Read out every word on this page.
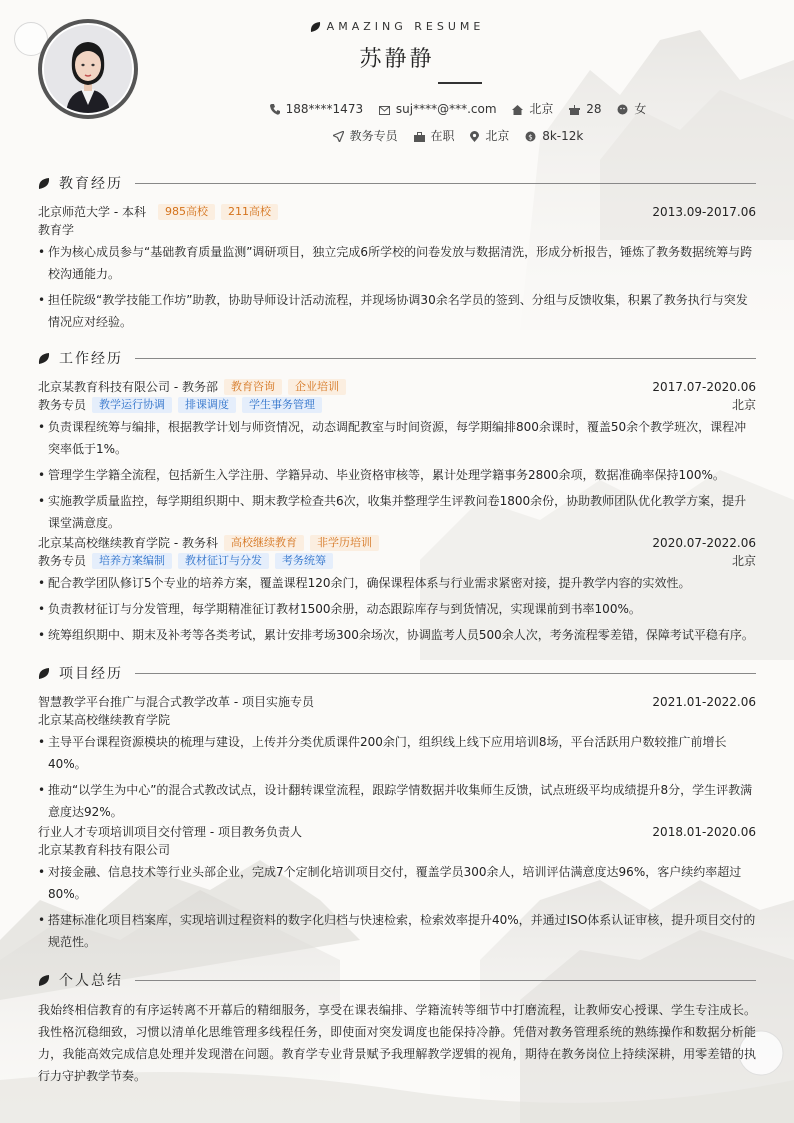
AMAZING RESUME
苏静静
188****1473	suj****@***.com	北京	28	女
教务专员	在职	北京	$ 8k-12k
教育经历
北京师范大学 - 本科	985高校	211高校	2013.09-2017.06
教育学
• 作为核心成员参与“基础教育质量监测”调研项目，独立完成6所学校的问卷发放与数据清洗，形成分析报告，锤炼了教务数据统筹与跨校沟通能力。
• 担任院级“教学技能工作坊”助教，协助导师设计活动流程，并现场协调30余名学员的签到、分组与反馈收集，积累了教务执行与突发情况应对经验。
工作经历
北京某教育科技有限公司 - 教务部	教育咨询	企业培训	2017.07-2020.06
教务专员	教学运行协调	排课调度	学生事务管理	北京
• 负责课程统筹与编排，根据教学计划与师资情况，动态调配教室与时间资源，每学期编排800余课时，覆盖50余个教学班次，课程冲突率低于1%。
• 管理学生学籍全流程，包括新生入学注册、学籍异动、毕业资格审核等，累计处理学籍事务2800余项，数据准确率保持100%。
• 实施教学质量监控，每学期组织期中、期末教学检查共6次，收集并整理学生评教问卷1800余份，协助教师团队优化教学方案，提升课堂满意度。
北京某高校继续教育学院 - 教务科	高校继续教育	非学历培训	2020.07-2022.06
教务专员	培养方案编制	教材征订与分发	考务统筹	北京
• 配合教学团队修订5个专业的培养方案，覆盖课程120余门，确保课程体系与行业需求紧密对接，提升教学内容的实效性。
• 负责教材征订与分发管理，每学期精准征订教材1500余册，动态跟踪库存与到货情况，实现课前到书率100%。
• 统筹组织期中、期末及补考等各类考试，累计安排考场300余场次，协调监考人员500余人次，考务流程零差错，保障考试平稳有序。
项目经历
智慧教学平台推广与混合式教学改革 - 项目实施专员	2021.01-2022.06
北京某高校继续教育学院
• 主导平台课程资源模块的梳理与建设，上传并分类优质课件200余门，组织线上线下应用培训8场，平台活跃用户数较推广前增长40%。
• 推动“以学生为中心”的混合式教改试点，设计翻转课堂流程，跟踪学情数据并收集师生反馈，试点班级平均成绩提升8分，学生评教满意度达92%。
行业人才专项培训项目交付管理 - 项目教务负责人	2018.01-2020.06
北京某教育科技有限公司
• 对接金融、信息技术等行业头部企业，完成7个定制化培训项目交付，覆盖学员300余人，培训评估满意度达96%，客户续约率超过80%。
• 搭建标准化项目档案库，实现培训过程资料的数字化归档与快速检索，检索效率提升40%，并通过ISO体系认证审核，提升项目交付的规范性。
个人总结

我始终相信教育的有序运转离不开幕后的精细服务，享受在课表编排、学籍流转等细节中打磨流程，让教师安心授课、学生专注成长。我性格沉稳细致，习惯以清单化思维管理多线程任务，即使面对突发调度也能保持冷静。凭借对教务管理系统的熟练操作和数据分析能力，我能高效完成信息处理并发现潜在问题。教育学专业背景赋予我理解教学逻辑的视角，期待在教务岗位上持续深耕，用零差错的执行力守护教学节奏。
